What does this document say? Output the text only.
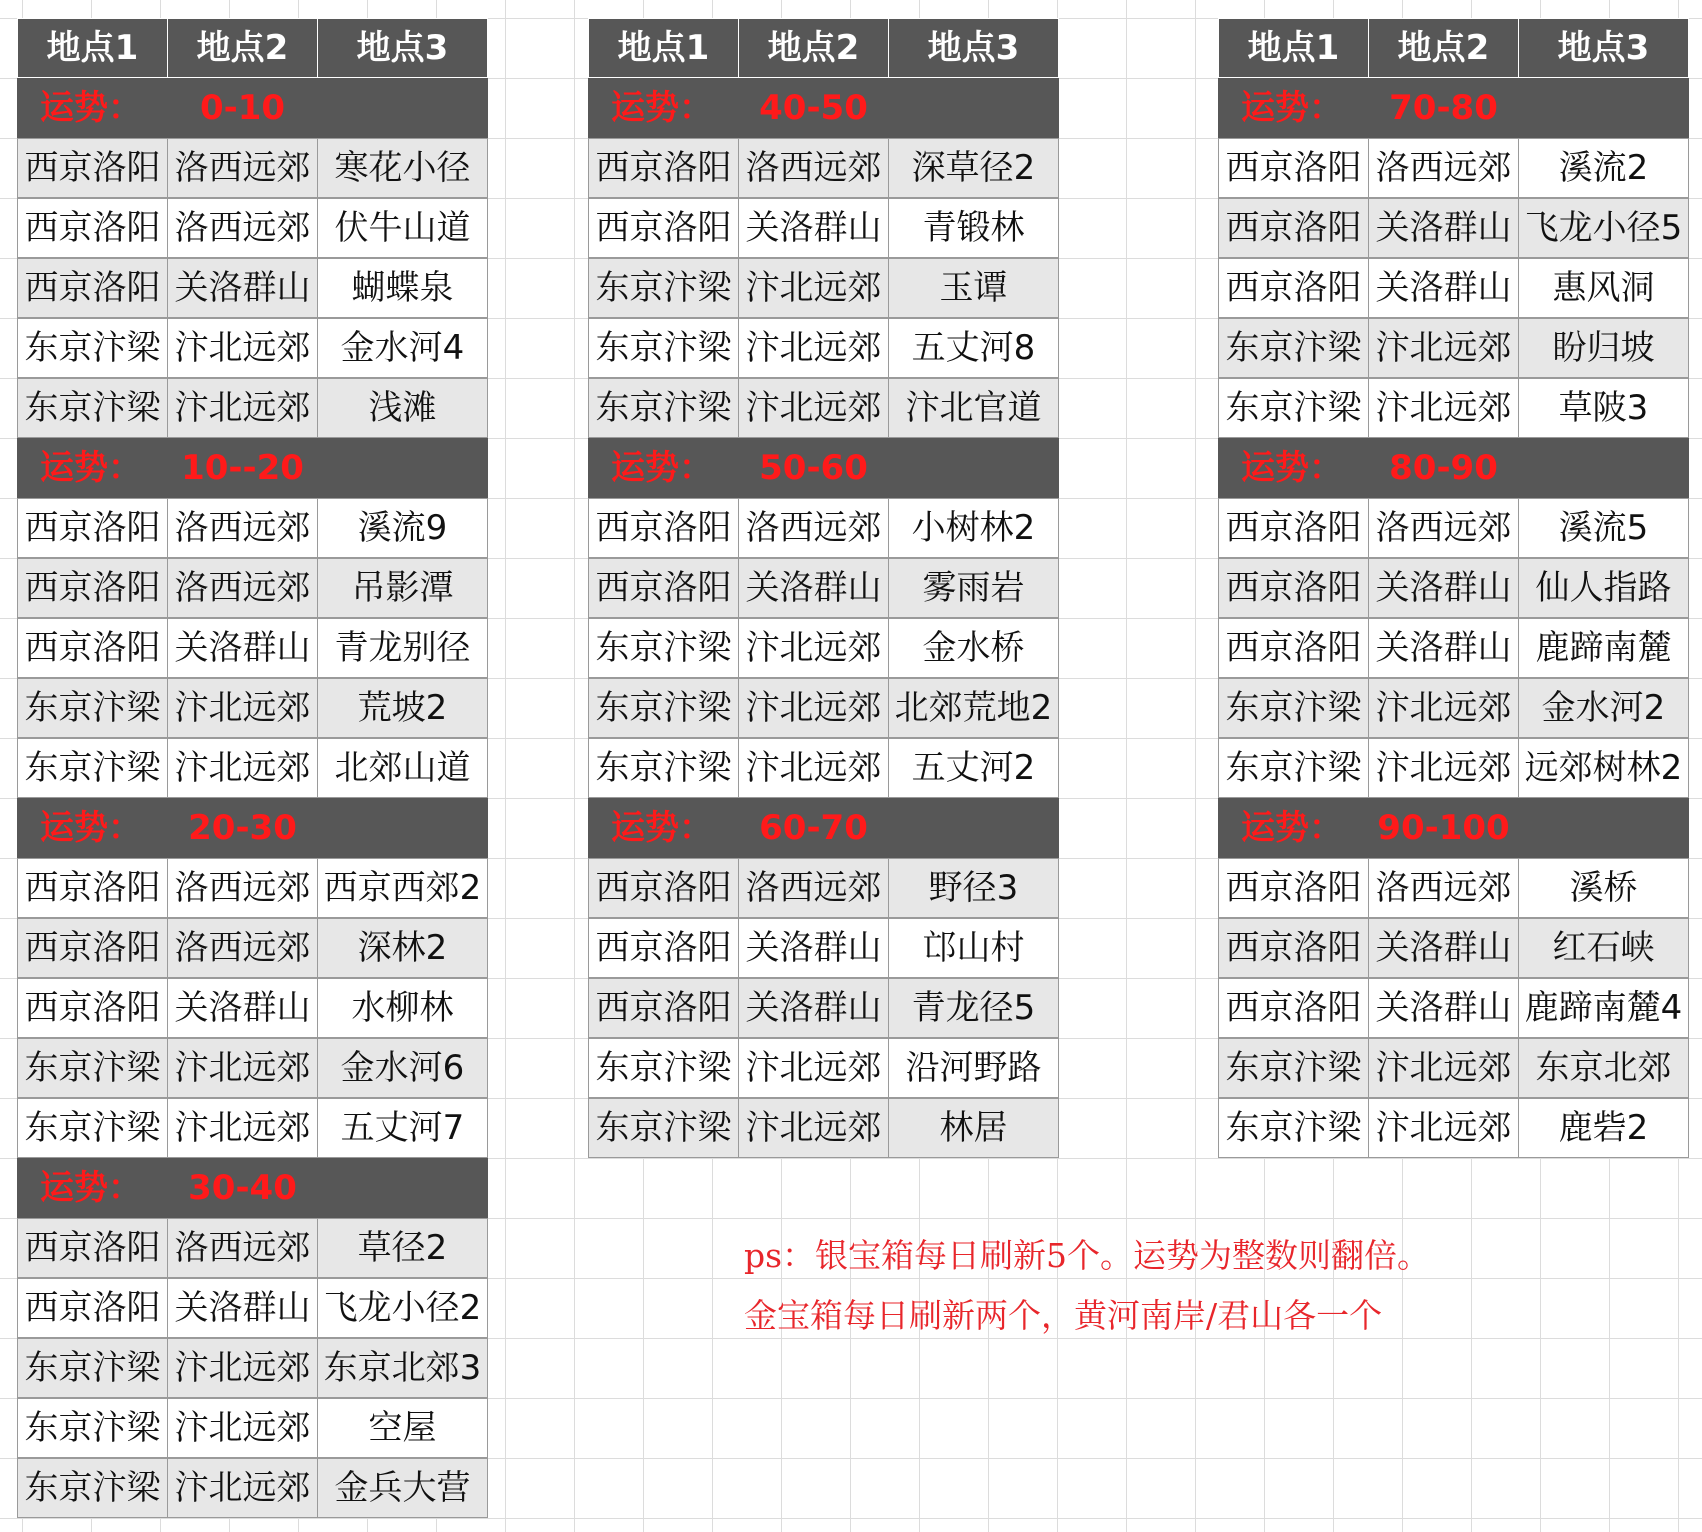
地点1	地点2	地点3
运势：	0-10
西京洛阳 洛西远郊 寒花小径
西京洛阳 洛西远郊 伏牛山道
西京洛阳 关洛群山	蝴蝶泉
东京汴梁 汴北远郊 金水河4
东京汴梁 汴北远郊	浅滩
运势：	10--20
西京洛阳 洛西远郊	溪流9
西京洛阳 洛西远郊	吊影潭
西京洛阳 关洛群山 青龙别径
东京汴梁 汴北远郊	荒坡2
东京汴梁 汴北远郊 北郊山道
运势：	20-30
西京洛阳 洛西远郊 西京西郊2
西京洛阳 洛西远郊	深林2
西京洛阳 关洛群山	水柳林
东京汴梁 汴北远郊 金水河6
东京汴梁 汴北远郊 五丈河7
运势：	30-40
西京洛阳 洛西远郊	草径2
西京洛阳 关洛群山 飞龙小径2
东京汴梁 汴北远郊 东京北郊3
东京汴梁 汴北远郊	空屋
东京汴梁 汴北远郊 金兵大营
地点1	地点2	地点3
运势：	40-50
西京洛阳 洛西远郊 深草径2
西京洛阳 关洛群山	青锻林
东京汴梁 汴北远郊	玉谭
东京汴梁 汴北远郊 五丈河8
东京汴梁 汴北远郊 汴北官道
运势：	50-60
西京洛阳 洛西远郊 小树林2
西京洛阳 关洛群山	雾雨岩
东京汴梁 汴北远郊	金水桥
东京汴梁 汴北远郊 北郊荒地2
东京汴梁 汴北远郊 五丈河2
运势：	60-70
西京洛阳 洛西远郊	野径3
西京洛阳 关洛群山	邙山村
西京洛阳 关洛群山 青龙径5
东京汴梁 汴北远郊 沿河野路
东京汴梁 汴北远郊	林居
地点1	地点2	地点3
运势：	70-80
西京洛阳 洛西远郊	溪流2
西京洛阳 关洛群山 飞龙小径5
西京洛阳 关洛群山	惠风洞
东京汴梁 汴北远郊	盼归坡
东京汴梁 汴北远郊	草陂3
运势：	80-90
西京洛阳 洛西远郊	溪流5
西京洛阳 关洛群山 仙人指路
西京洛阳 关洛群山 鹿蹄南麓
东京汴梁 汴北远郊 金水河2
东京汴梁 汴北远郊 远郊树林2
运势：	90-100
西京洛阳 洛西远郊	溪桥
西京洛阳 关洛群山	红石峡
西京洛阳 关洛群山 鹿蹄南麓4
东京汴梁 汴北远郊 东京北郊
东京汴梁 汴北远郊	鹿砦2
ps：银宝箱每日刷新5个。运势为整数则翻倍。
金宝箱每日刷新两个，黄河南岸/君山各一个
